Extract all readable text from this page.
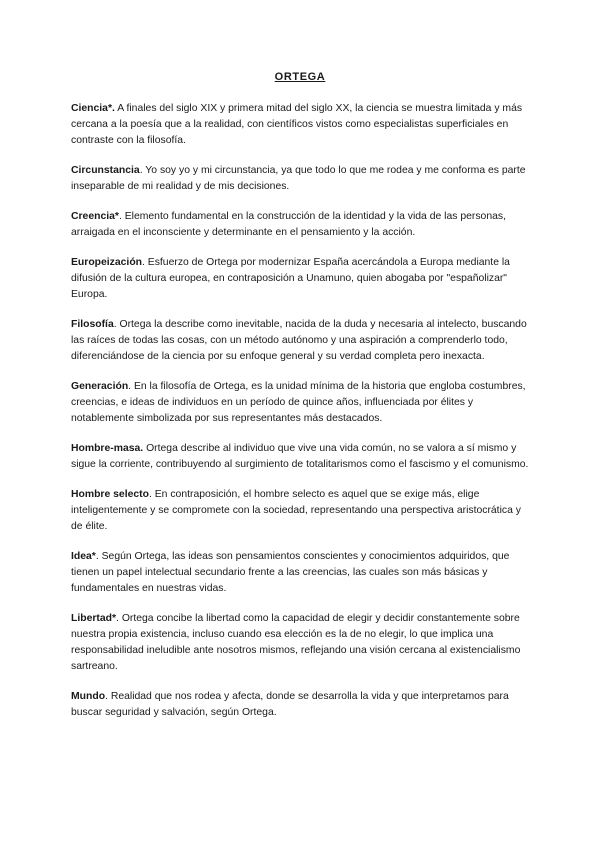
ORTEGA

Ciencia*. A finales del siglo XIX y primera mitad del siglo XX, la ciencia se muestra limitada y más cercana a la poesía que a la realidad, con científicos vistos como especialistas superficiales en contraste con la filosofía.

Circunstancia. Yo soy yo y mi circunstancia, ya que todo lo que me rodea y me conforma es parte inseparable de mi realidad y de mis decisiones.

Creencia*. Elemento fundamental en la construcción de la identidad y la vida de las personas, arraigada en el inconsciente y determinante en el pensamiento y la acción.

Europeización. Esfuerzo de Ortega por modernizar España acercándola a Europa mediante la difusión de la cultura europea, en contraposición a Unamuno, quien abogaba por "españolizar" Europa.

Filosofía. Ortega la describe como inevitable, nacida de la duda y necesaria al intelecto, buscando las raíces de todas las cosas, con un método autónomo y una aspiración a comprenderlo todo, diferenciándose de la ciencia por su enfoque general y su verdad completa pero inexacta.

Generación. En la filosofía de Ortega, es la unidad mínima de la historia que engloba costumbres, creencias, e ideas de individuos en un período de quince años, influenciada por élites y notablemente simbolizada por sus representantes más destacados.

Hombre-masa. Ortega describe al individuo que vive una vida común, no se valora a sí mismo y sigue la corriente, contribuyendo al surgimiento de totalitarismos como el fascismo y el comunismo.

Hombre selecto. En contraposición, el hombre selecto es aquel que se exige más, elige inteligentemente y se compromete con la sociedad, representando una perspectiva aristocrática y de élite.

Idea*. Según Ortega, las ideas son pensamientos conscientes y conocimientos adquiridos, que tienen un papel intelectual secundario frente a las creencias, las cuales son más básicas y fundamentales en nuestras vidas.

Libertad*. Ortega concibe la libertad como la capacidad de elegir y decidir constantemente sobre nuestra propia existencia, incluso cuando esa elección es la de no elegir, lo que implica una responsabilidad ineludible ante nosotros mismos, reflejando una visión cercana al existencialismo sartreano.

Mundo. Realidad que nos rodea y afecta, donde se desarrolla la vida y que interpretamos para buscar seguridad y salvación, según Ortega.
